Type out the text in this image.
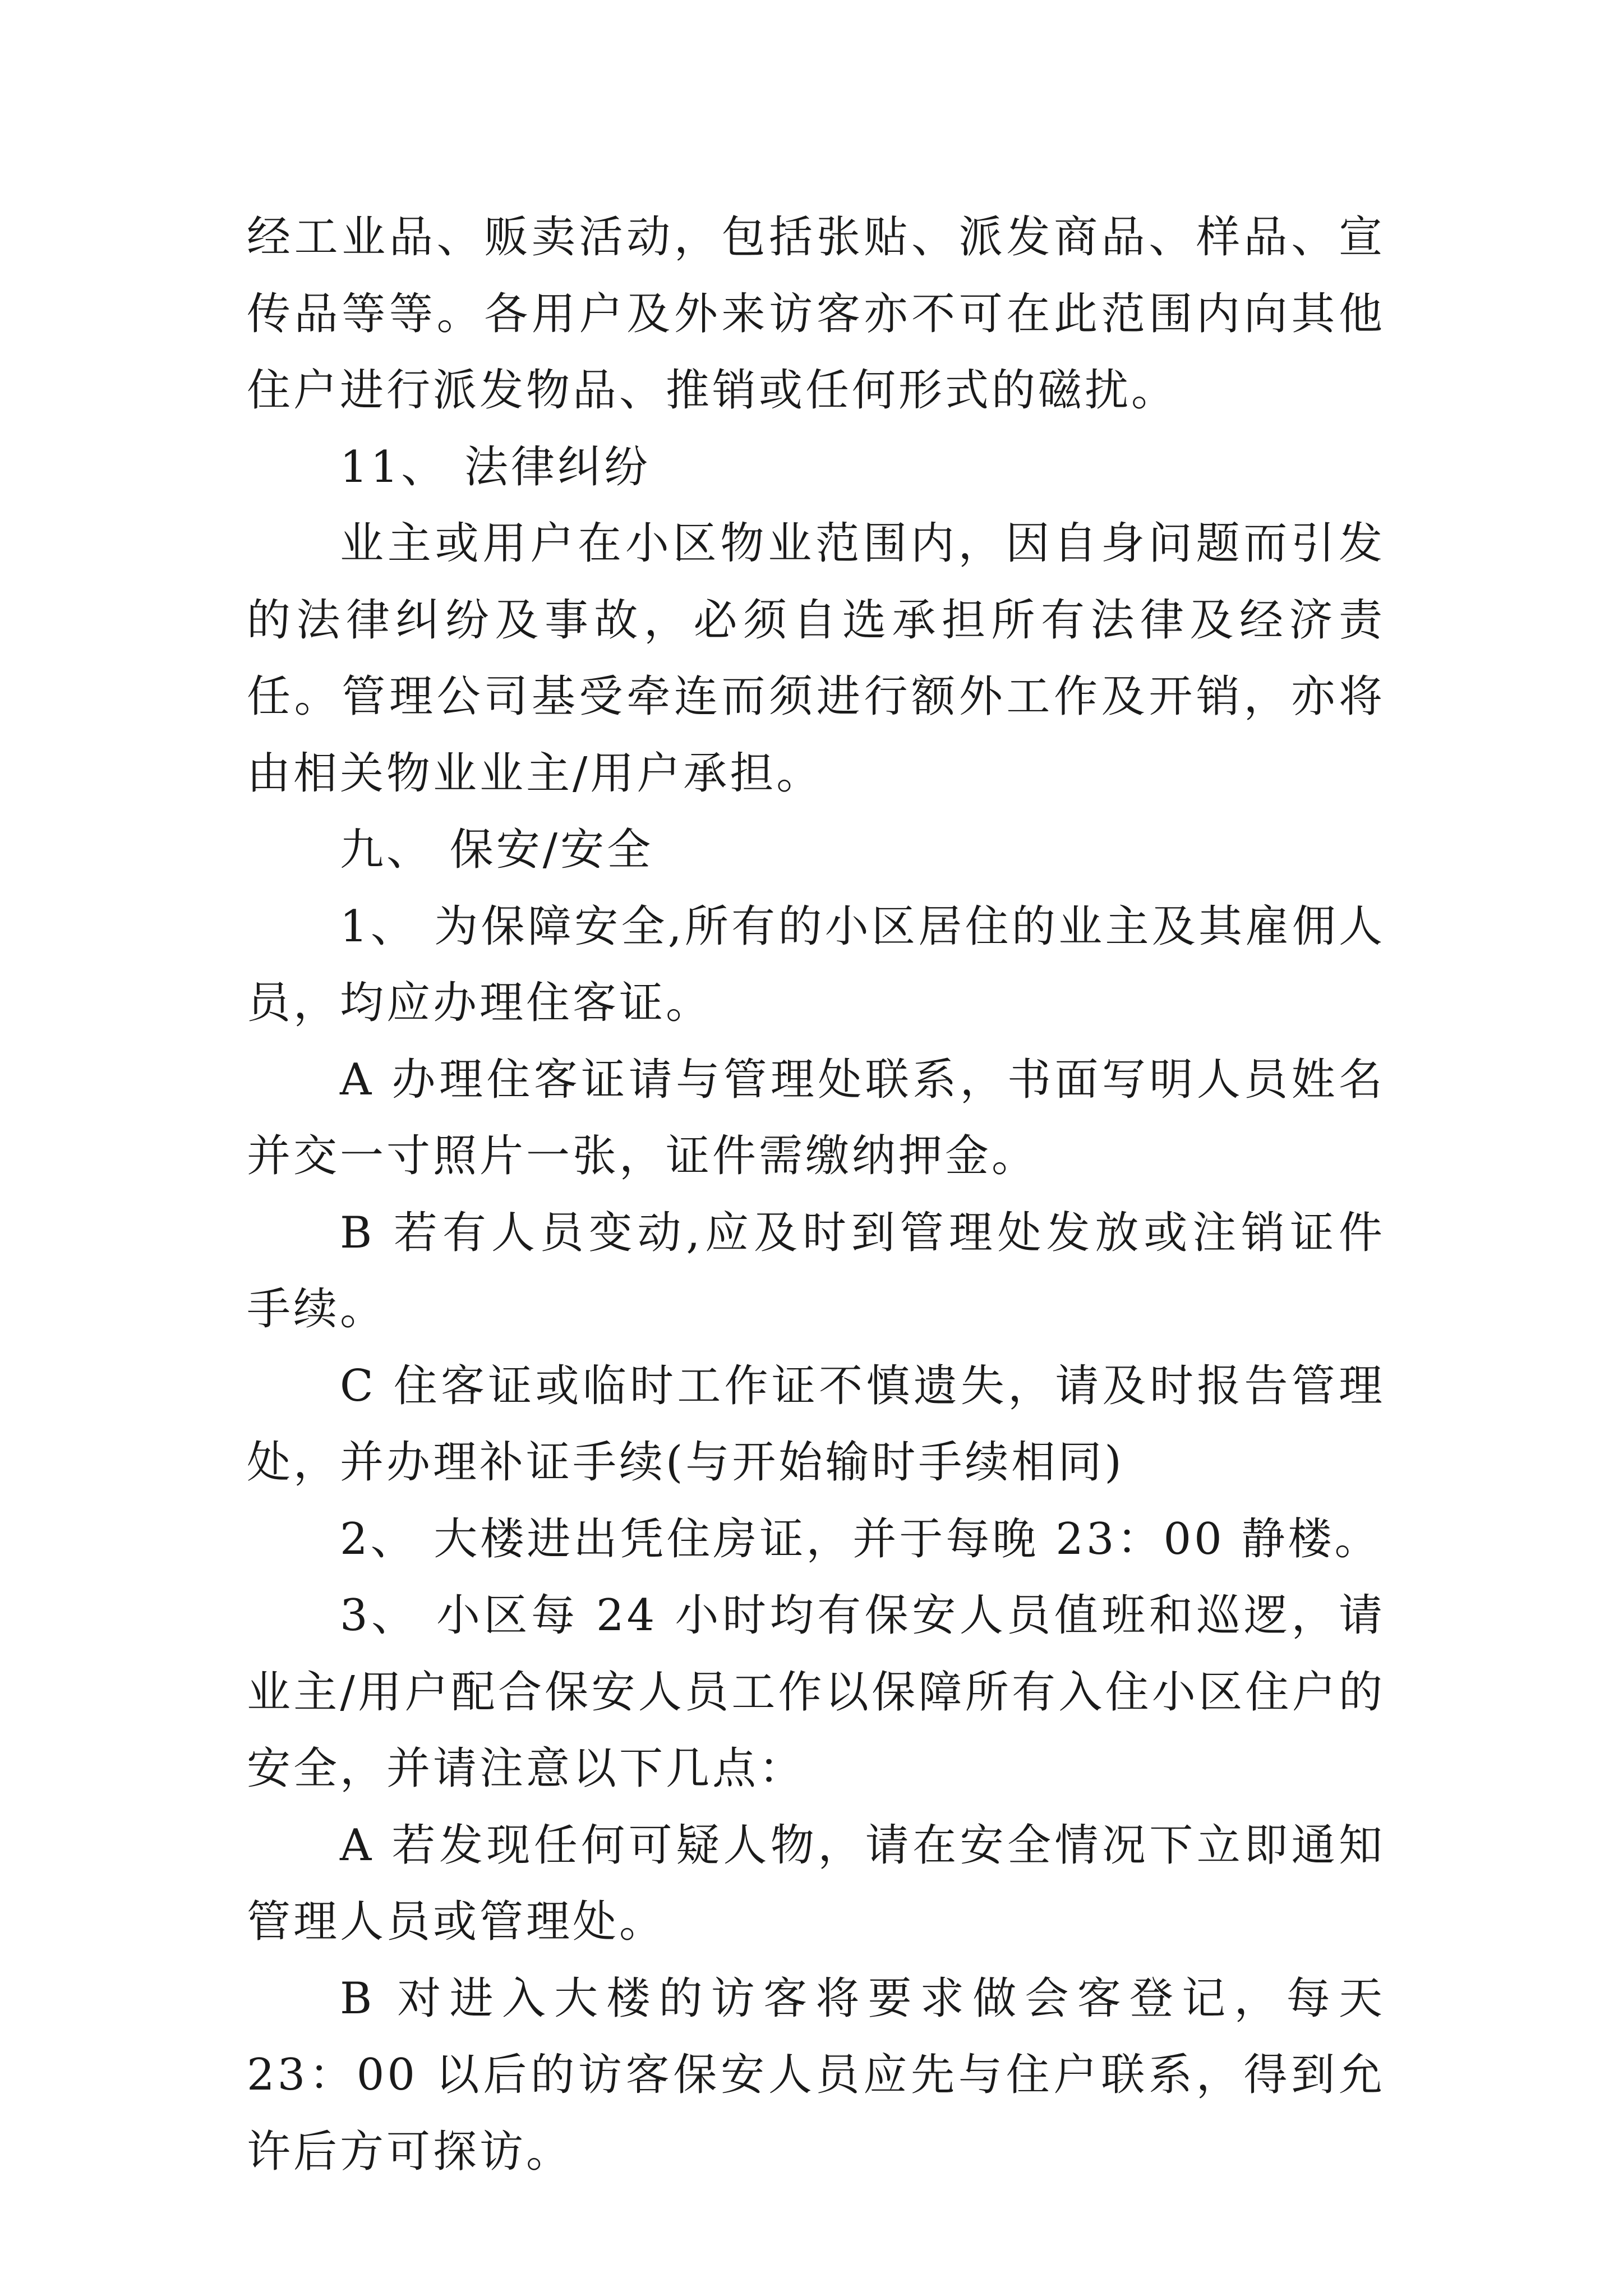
经工业品、贩卖活动，包括张贴、派发商品、样品、宣传品等等。各用户及外来访客亦不可在此范围内向其他住户进行派发物品、推销或任何形式的磁扰。

11、 法律纠纷

业主或用户在小区物业范围内，因自身问题而引发的法律纠纷及事故，必须自选承担所有法律及经济责任。管理公司基受牵连而须进行额外工作及开销，亦将由相关物业业主/用户承担。

九、 保安/安全

1、 为保障安全,所有的小区居住的业主及其雇佣人员，均应办理住客证。

A 办理住客证请与管理处联系，书面写明人员姓名并交一寸照片一张，证件需缴纳押金。

B 若有人员变动,应及时到管理处发放或注销证件手续。

C 住客证或临时工作证不慎遗失，请及时报告管理处，并办理补证手续(与开始输时手续相同)

2、 大楼进出凭住房证，并于每晚 23：00 静楼。

3、 小区每 24 小时均有保安人员值班和巡逻，请业主/用户配合保安人员工作以保障所有入住小区住户的安全，并请注意以下几点：

A 若发现任何可疑人物，请在安全情况下立即通知管理人员或管理处。

B 对进入大楼的访客将要求做会客登记，每天 23：00 以后的访客保安人员应先与住户联系，得到允许后方可探访。
